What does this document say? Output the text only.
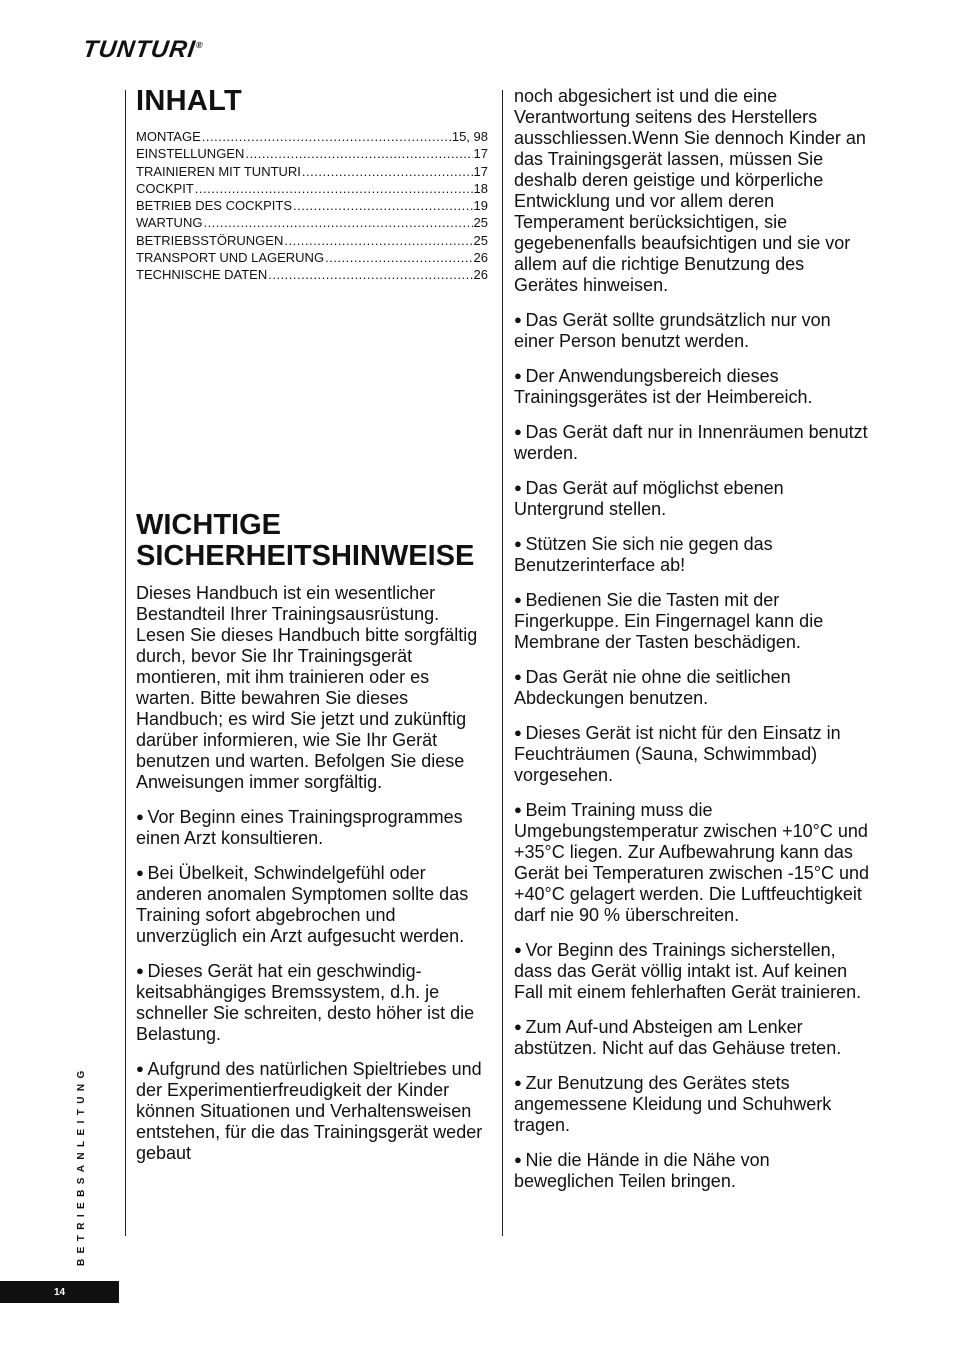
TUNTURI®
INHALT
MONTAGE .....	15, 98
EINSTELLUNGEN .....	17
TRAINIEREN MIT TUNTURI .....	17
COCKPIT .....	18
BETRIEB DES COCKPITS .....	19
WARTUNG .....	25
BETRIEBSSTÖRUNGEN .....	25
TRANSPORT UND LAGERUNG .....	26
TECHNISCHE DATEN .....	26
WICHTIGE
SICHERHEITSHINWEISE

Dieses Handbuch ist ein wesentlicher Bestandteil Ihrer Trainingsausrüstung. Lesen Sie dieses Handbuch bitte sorgfältig durch, bevor Sie Ihr Trainingsgerät montieren, mit ihm trainieren oder es warten. Bitte bewahren Sie dieses Handbuch; es wird Sie jetzt und zukünftig darüber informieren, wie Sie Ihr Gerät benutzen und warten. Befolgen Sie diese Anweisungen immer sorgfältig.

● Vor Beginn eines Trainingsprogrammes einen Arzt konsultieren.

● Bei Übelkeit, Schwindelgefühl oder anderen anomalen Symptomen sollte das Training sofort abgebrochen und unverzüglich ein Arzt aufgesucht werden.

● Dieses Gerät hat ein geschwindig-keitsabhängiges Bremssystem, d.h. je schneller Sie schreiten, desto höher ist die Belastung.

● Aufgrund des natürlichen Spieltriebes und der Experimentierfreudigkeit der Kinder können Situationen und Verhaltensweisen entstehen, für die das Trainingsgerät weder gebaut

noch abgesichert ist und die eine Verantwortung seitens des Herstellers ausschliessen.Wenn Sie dennoch Kinder an das Trainingsgerät lassen, müssen Sie deshalb deren geistige und körperliche Entwicklung und vor allem deren Temperament berücksichtigen, sie gegebenenfalls beaufsichtigen und sie vor allem auf die richtige Benutzung des Gerätes hinweisen.

● Das Gerät sollte grundsätzlich nur von einer Person benutzt werden.

● Der Anwendungsbereich dieses Trainingsgerätes ist der Heimbereich.

● Das Gerät daft nur in Innenräumen benutzt werden.

● Das Gerät auf möglichst ebenen Untergrund stellen.

● Stützen Sie sich nie gegen das Benutzerinterface ab!

● Bedienen Sie die Tasten mit der Fingerkuppe. Ein Fingernagel kann die Membrane der Tasten beschädigen.

● Das Gerät nie ohne die seitlichen Abdeckungen benutzen.

● Dieses Gerät ist nicht für den Einsatz in Feuchträumen (Sauna, Schwimmbad) vorgesehen.

● Beim Training muss die Umgebungstemperatur zwischen +10°C und +35°C liegen. Zur Aufbewahrung kann das Gerät bei Temperaturen zwischen -15°C und +40°C gelagert werden. Die Luftfeuchtigkeit darf nie 90 % überschreiten.

● Vor Beginn des Trainings sicherstellen, dass das Gerät völlig intakt ist. Auf keinen Fall mit einem fehlerhaften Gerät trainieren.

● Zum Auf-und Absteigen am Lenker abstützen. Nicht auf das Gehäuse treten.

● Zur Benutzung des Gerätes stets angemessene Kleidung und Schuhwerk tragen.

● Nie die Hände in die Nähe von beweglichen Teilen bringen.

BETRIEBSANLEITUNG
14
